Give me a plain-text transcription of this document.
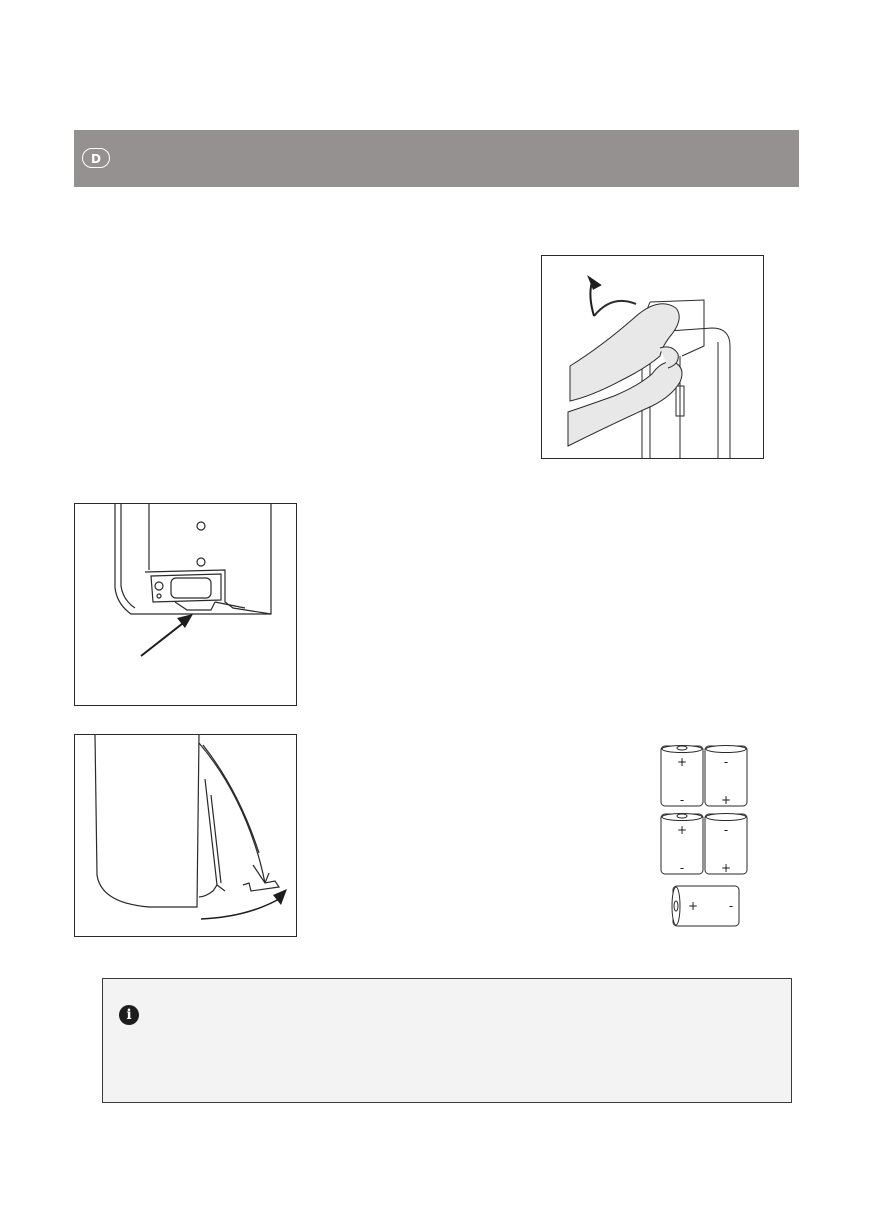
D
+
-
-
+
+
-
-
+
+	-
i
